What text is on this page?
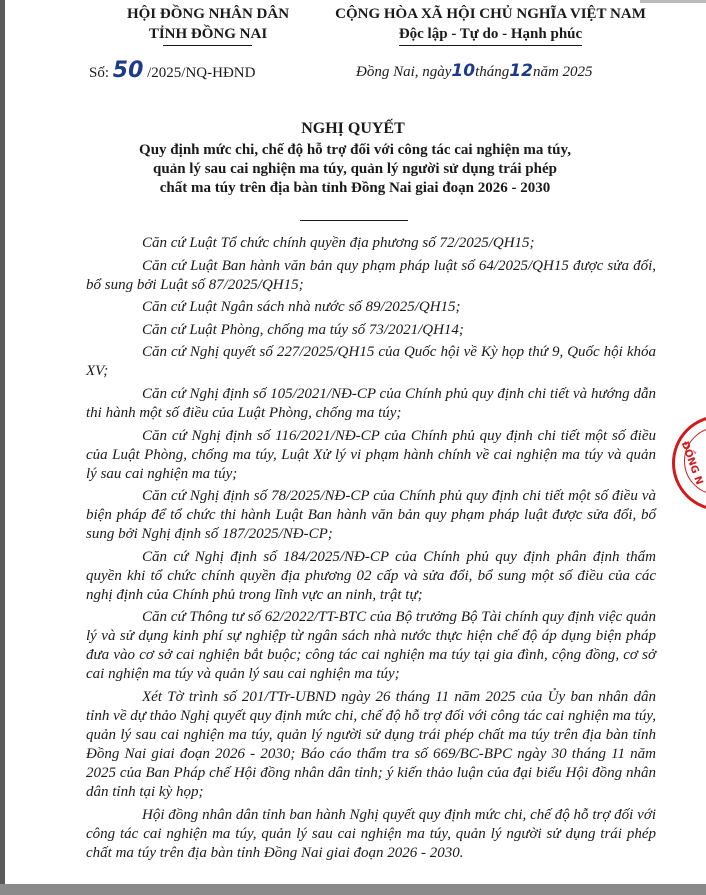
HỘI ĐỒNG NHÂN DÂN
TỈNH ĐỒNG NAI
CỘNG HÒA XÃ HỘI CHỦ NGHĨA VIỆT NAM
Độc lập - Tự do - Hạnh phúc
Số: 50 /2025/NQ-HĐND	Đồng Nai, ngày10tháng12năm 2025
NGHỊ QUYẾT
Quy định mức chi, chế độ hỗ trợ đối với công tác cai nghiện ma túy,
quản lý sau cai nghiện ma túy, quản lý người sử dụng trái phép
chất ma túy trên địa bàn tỉnh Đồng Nai giai đoạn 2026 - 2030

Căn cứ Luật Tổ chức chính quyền địa phương số 72/2025/QH15;

Căn cứ Luật Ban hành văn bản quy phạm pháp luật số 64/2025/QH15 được sửa đổi, bổ sung bởi Luật số 87/2025/QH15;

Căn cứ Luật Ngân sách nhà nước số 89/2025/QH15;

Căn cứ Luật Phòng, chống ma túy số 73/2021/QH14;

Căn cứ Nghị quyết số 227/2025/QH15 của Quốc hội về Kỳ họp thứ 9, Quốc hội khóa XV;

Căn cứ Nghị định số 105/2021/NĐ-CP của Chính phủ quy định chi tiết và hướng dẫn thi hành một số điều của Luật Phòng, chống ma túy;

Căn cứ Nghị định số 116/2021/NĐ-CP của Chính phủ quy định chi tiết một số điều của Luật Phòng, chống ma túy, Luật Xử lý vi phạm hành chính về cai nghiện ma túy và quản lý sau cai nghiện ma túy;

Căn cứ Nghị định số 78/2025/NĐ-CP của Chính phủ quy định chi tiết một số điều và biện pháp để tổ chức thi hành Luật Ban hành văn bản quy phạm pháp luật được sửa đổi, bổ sung bởi Nghị định số 187/2025/NĐ-CP;

Căn cứ Nghị định số 184/2025/NĐ-CP của Chính phủ quy định phân định thẩm quyền khi tổ chức chính quyền địa phương 02 cấp và sửa đổi, bổ sung một số điều của các nghị định của Chính phủ trong lĩnh vực an ninh, trật tự;

Căn cứ Thông tư số 62/2022/TT-BTC của Bộ trưởng Bộ Tài chính quy định việc quản lý và sử dụng kinh phí sự nghiệp từ ngân sách nhà nước thực hiện chế độ áp dụng biện pháp đưa vào cơ sở cai nghiện bắt buộc; công tác cai nghiện ma túy tại gia đình, cộng đồng, cơ sở cai nghiện ma túy và quản lý sau cai nghiện ma túy;

Xét Tờ trình số 201/TTr-UBND ngày 26 tháng 11 năm 2025 của Ủy ban nhân dân tỉnh về dự thảo Nghị quyết quy định mức chi, chế độ hỗ trợ đối với công tác cai nghiện ma túy, quản lý sau cai nghiện ma túy, quản lý người sử dụng trái phép chất ma túy trên địa bàn tỉnh Đồng Nai giai đoạn 2026 - 2030; Báo cáo thẩm tra số 669/BC-BPC ngày 30 tháng 11 năm 2025 của Ban Pháp chế Hội đồng nhân dân tỉnh; ý kiến thảo luận của đại biểu Hội đồng nhân dân tỉnh tại kỳ họp;

Hội đồng nhân dân tỉnh ban hành Nghị quyết quy định mức chi, chế độ hỗ trợ đối với công tác cai nghiện ma túy, quản lý sau cai nghiện ma túy, quản lý người sử dụng trái phép chất ma túy trên địa bàn tỉnh Đồng Nai giai đoạn 2026 - 2030.

ĐỒNG N
